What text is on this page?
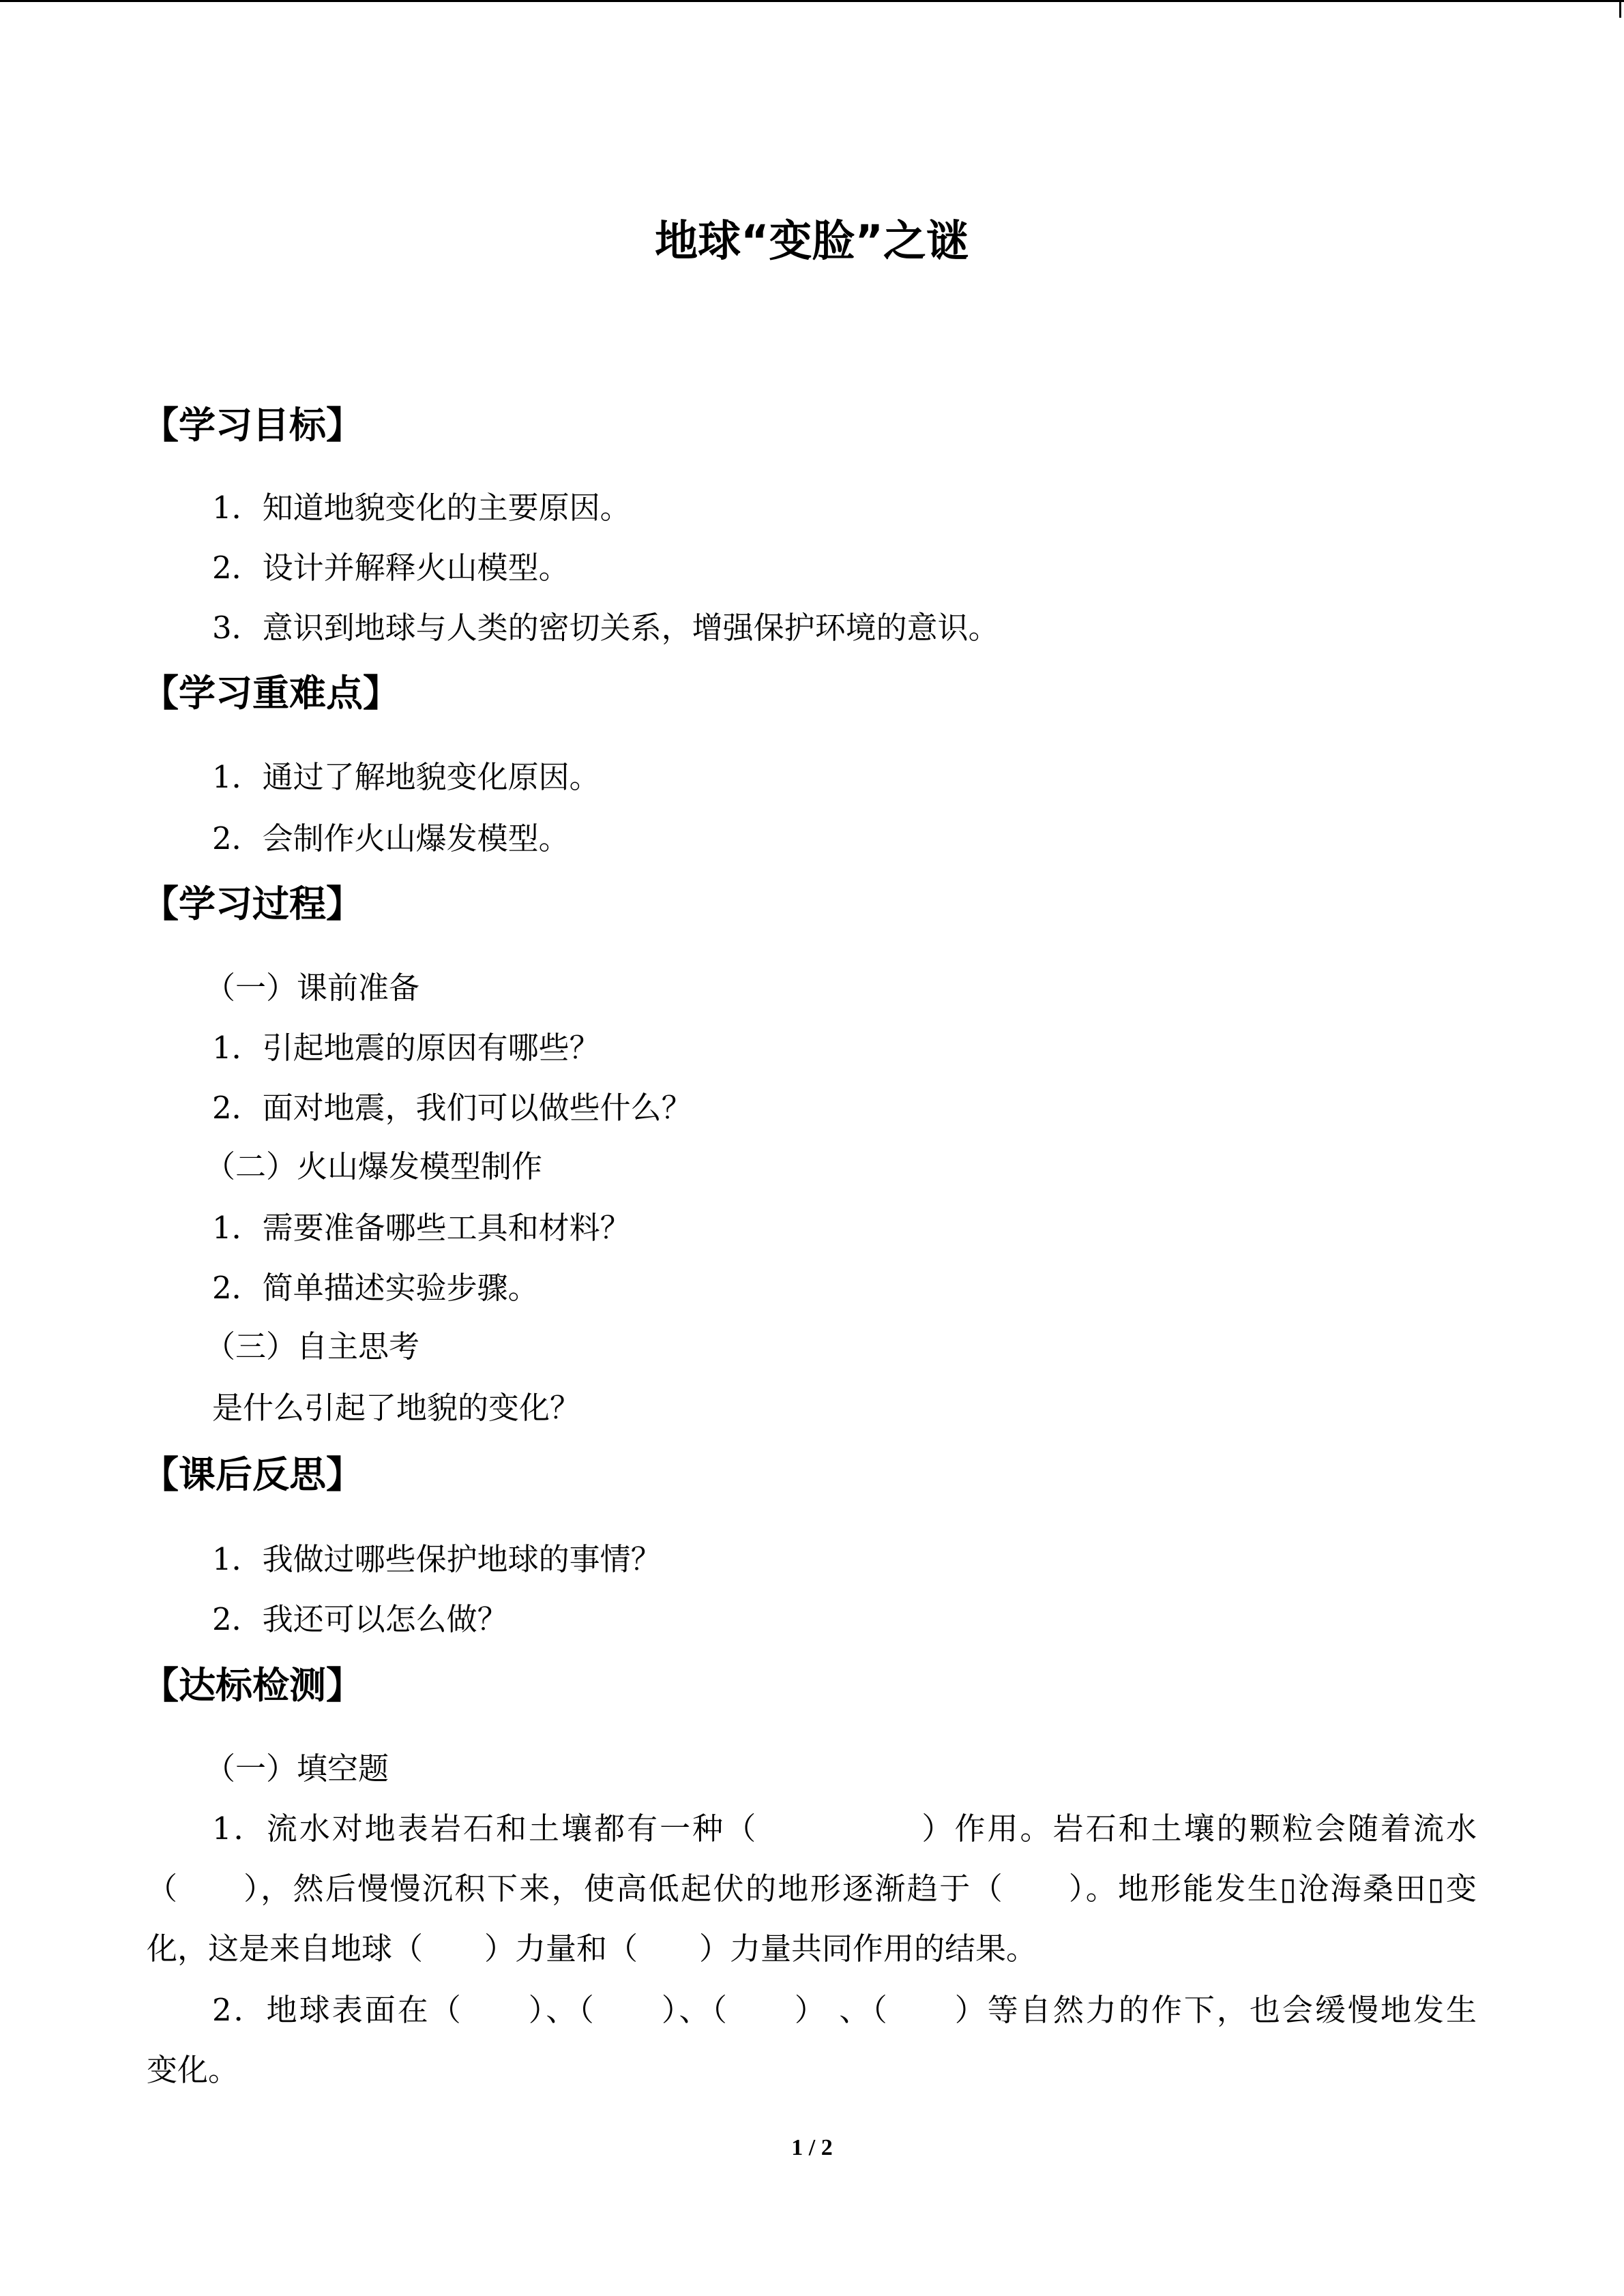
地球“变脸”之谜
【学习目标】
1．知道地貌变化的主要原因。
2．设计并解释火山模型。
3．意识到地球与人类的密切关系，增强保护环境的意识。
【学习重难点】
1．通过了解地貌变化原因。
2．会制作火山爆发模型。
【学习过程】
（一）课前准备
1．引起地震的原因有哪些？
2．面对地震，我们可以做些什么？
（二）火山爆发模型制作
1．需要准备哪些工具和材料？
2．简单描述实验步骤。
（三）自主思考
是什么引起了地貌的变化？
【课后反思】
1．我做过哪些保护地球的事情？
2．我还可以怎么做？
【达标检测】
（一）填空题
1．流水对地表岩石和土壤都有一种（　　　　　）作用。岩石和土壤的颗粒会随着流水
（　　），然后慢慢沉积下来，使高低起伏的地形逐渐趋于（　　）。地形能发生▯沧海桑田▯变
化，这是来自地球（　　）力量和（　　）力量共同作用的结果。
2．地球表面在（　　）、（　　）、（　　） 、（　　）等自然力的作下，也会缓慢地发生
变化。
1 / 2
